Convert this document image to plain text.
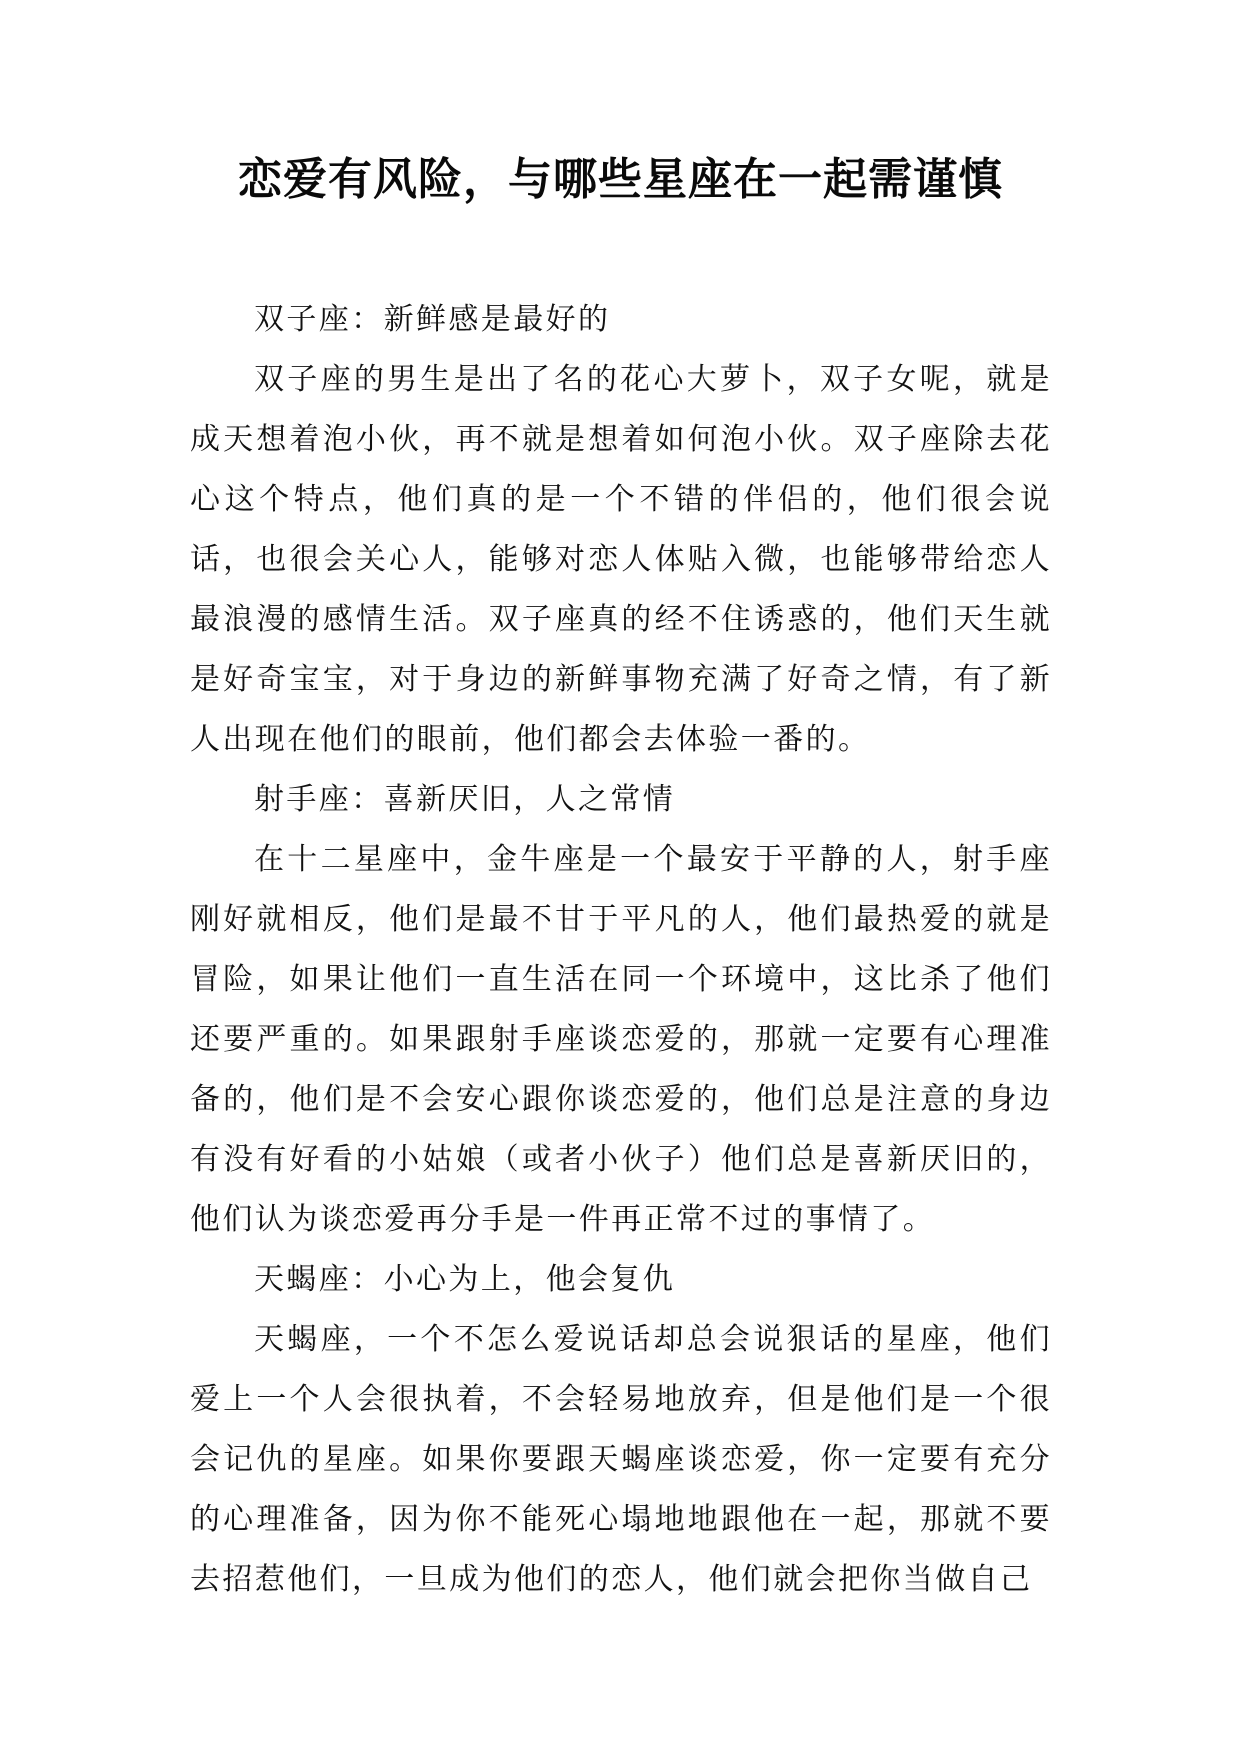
恋爱有风险，与哪些星座在一起需谨慎

双子座：新鲜感是最好的

双子座的男生是出了名的花心大萝卜，双子女呢，就是成天想着泡小伙，再不就是想着如何泡小伙。双子座除去花心这个特点，他们真的是一个不错的伴侣的，他们很会说话，也很会关心人，能够对恋人体贴入微，也能够带给恋人最浪漫的感情生活。双子座真的经不住诱惑的，他们天生就是好奇宝宝，对于身边的新鲜事物充满了好奇之情，有了新人出现在他们的眼前，他们都会去体验一番的。

射手座：喜新厌旧，人之常情

在十二星座中，金牛座是一个最安于平静的人，射手座刚好就相反，他们是最不甘于平凡的人，他们最热爱的就是冒险，如果让他们一直生活在同一个环境中，这比杀了他们还要严重的。如果跟射手座谈恋爱的，那就一定要有心理准备的，他们是不会安心跟你谈恋爱的，他们总是注意的身边有没有好看的小姑娘（或者小伙子）他们总是喜新厌旧的，他们认为谈恋爱再分手是一件再正常不过的事情了。

天蝎座：小心为上，他会复仇

天蝎座，一个不怎么爱说话却总会说狠话的星座，他们爱上一个人会很执着，不会轻易地放弃，但是他们是一个很会记仇的星座。如果你要跟天蝎座谈恋爱，你一定要有充分的心理准备，因为你不能死心塌地地跟他在一起，那就不要去招惹他们，一旦成为他们的恋人，他们就会把你当做自己
